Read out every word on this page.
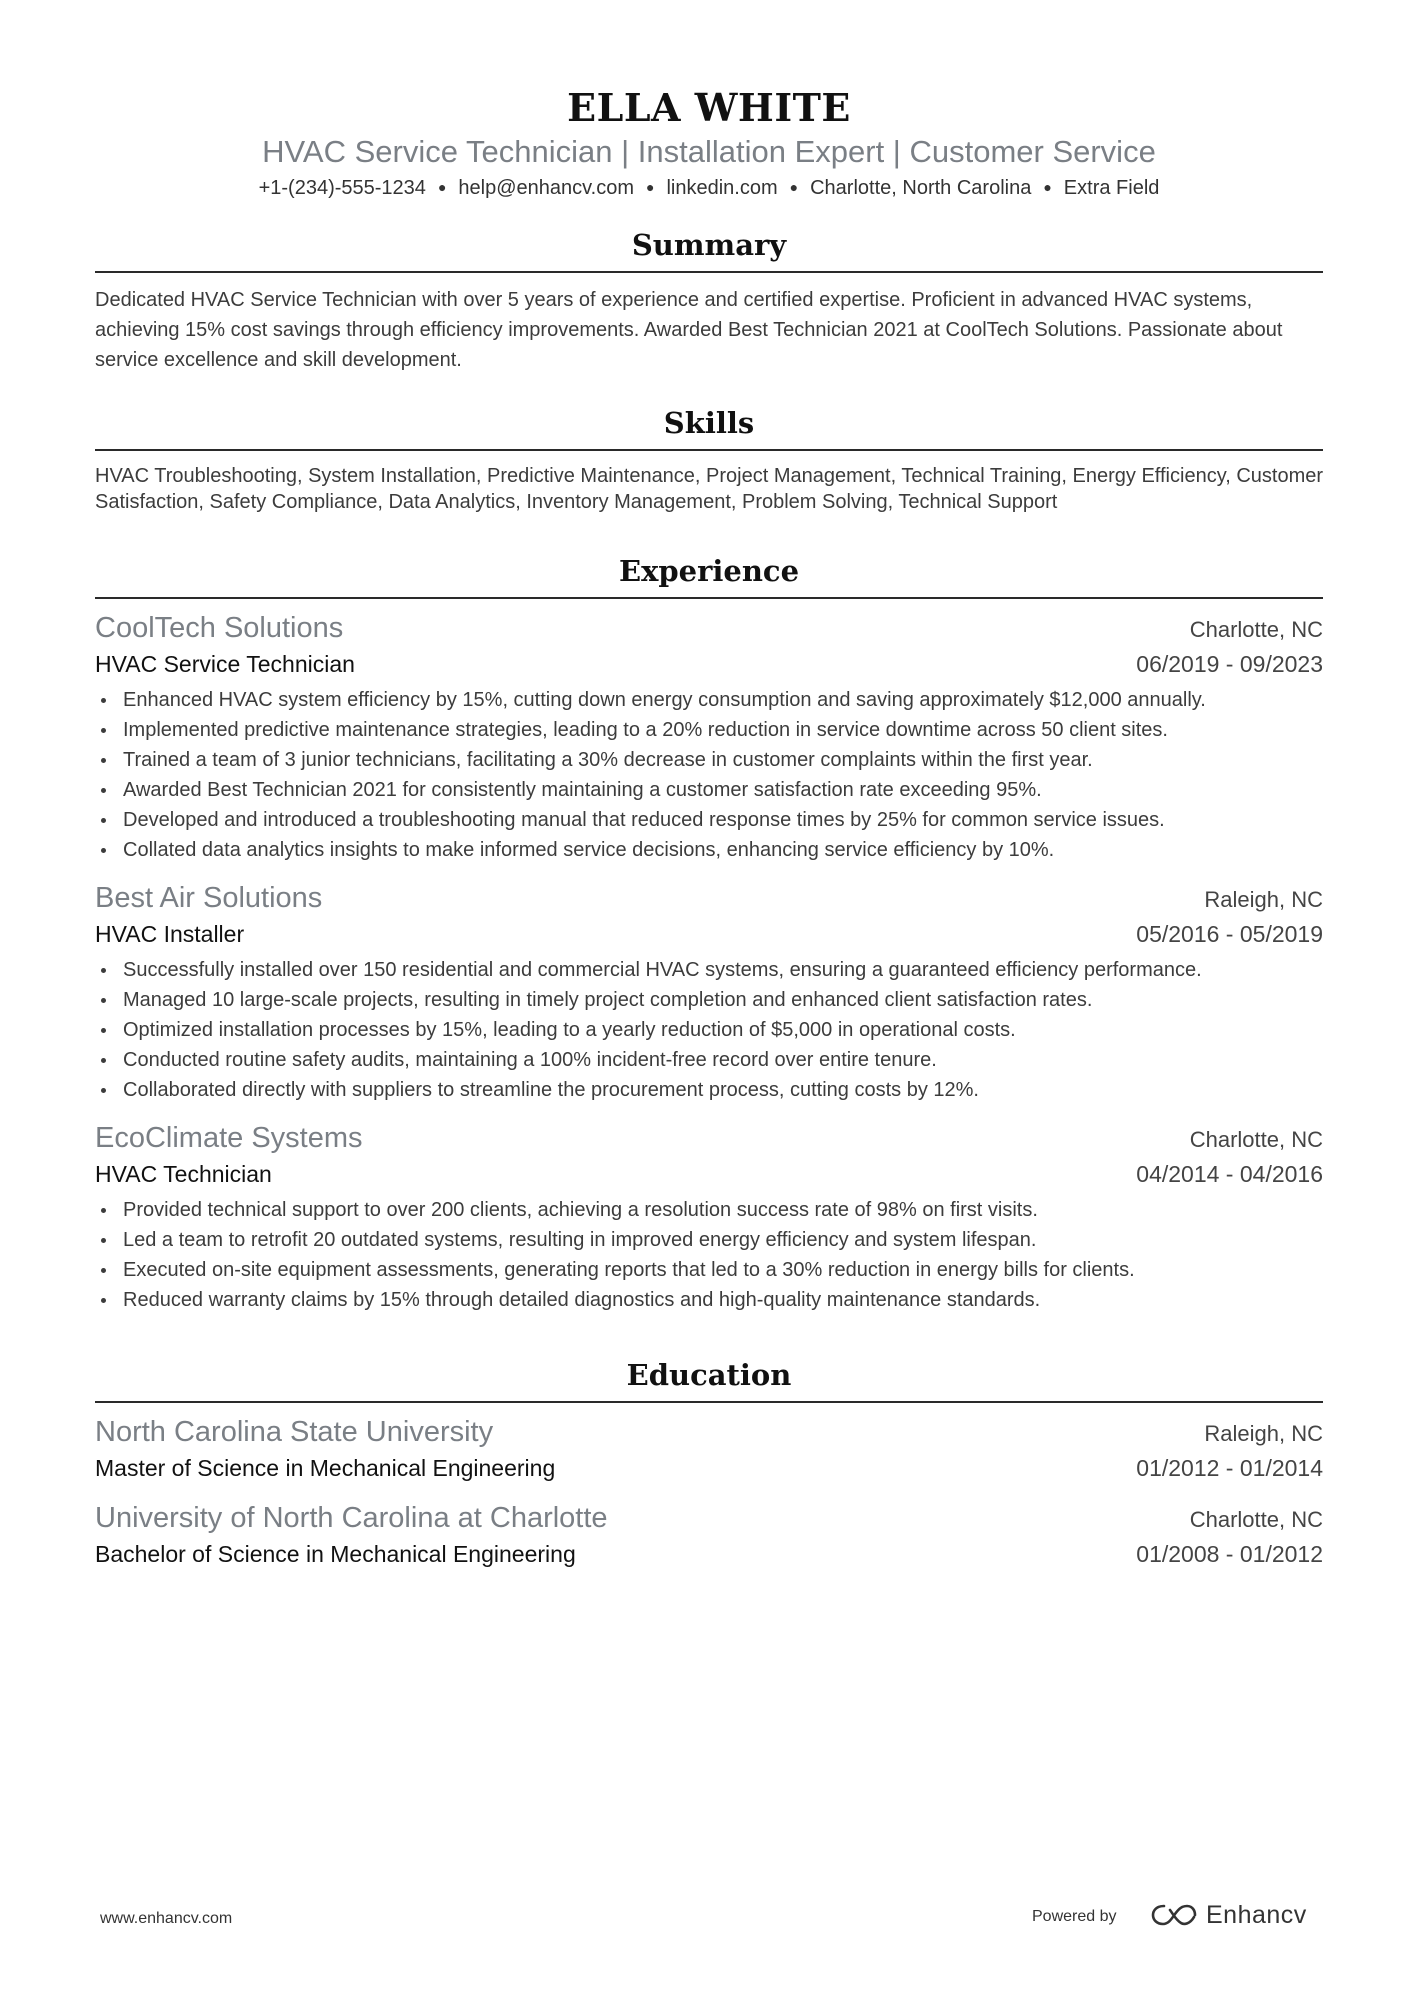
ELLA WHITE
HVAC Service Technician | Installation Expert | Customer Service
+1-(234)-555-1234 ● help@enhancv.com ● linkedin.com ● Charlotte, North Carolina ● Extra Field
Summary
Dedicated HVAC Service Technician with over 5 years of experience and certified expertise. Proficient in advanced HVAC systems, achieving 15% cost savings through efficiency improvements. Awarded Best Technician 2021 at CoolTech Solutions. Passionate about service excellence and skill development.
Skills
HVAC Troubleshooting, System Installation, Predictive Maintenance, Project Management, Technical Training, Energy Efficiency, Customer Satisfaction, Safety Compliance, Data Analytics, Inventory Management, Problem Solving, Technical Support
Experience
CoolTech Solutions	Charlotte, NC
HVAC Service Technician	06/2019 - 09/2023
Enhanced HVAC system efficiency by 15%, cutting down energy consumption and saving approximately $12,000 annually.
Implemented predictive maintenance strategies, leading to a 20% reduction in service downtime across 50 client sites.
Trained a team of 3 junior technicians, facilitating a 30% decrease in customer complaints within the first year.
Awarded Best Technician 2021 for consistently maintaining a customer satisfaction rate exceeding 95%.
Developed and introduced a troubleshooting manual that reduced response times by 25% for common service issues.
Collated data analytics insights to make informed service decisions, enhancing service efficiency by 10%.
Best Air Solutions	Raleigh, NC
HVAC Installer	05/2016 - 05/2019
Successfully installed over 150 residential and commercial HVAC systems, ensuring a guaranteed efficiency performance.
Managed 10 large-scale projects, resulting in timely project completion and enhanced client satisfaction rates.
Optimized installation processes by 15%, leading to a yearly reduction of $5,000 in operational costs.
Conducted routine safety audits, maintaining a 100% incident-free record over entire tenure.
Collaborated directly with suppliers to streamline the procurement process, cutting costs by 12%.
EcoClimate Systems	Charlotte, NC
HVAC Technician	04/2014 - 04/2016
Provided technical support to over 200 clients, achieving a resolution success rate of 98% on first visits.
Led a team to retrofit 20 outdated systems, resulting in improved energy efficiency and system lifespan.
Executed on-site equipment assessments, generating reports that led to a 30% reduction in energy bills for clients.
Reduced warranty claims by 15% through detailed diagnostics and high-quality maintenance standards.
Education
North Carolina State University	Raleigh, NC
Master of Science in Mechanical Engineering	01/2012 - 01/2014
University of North Carolina at Charlotte	Charlotte, NC
Bachelor of Science in Mechanical Engineering	01/2008 - 01/2012
www.enhancv.com	Powered by	Enhancv
